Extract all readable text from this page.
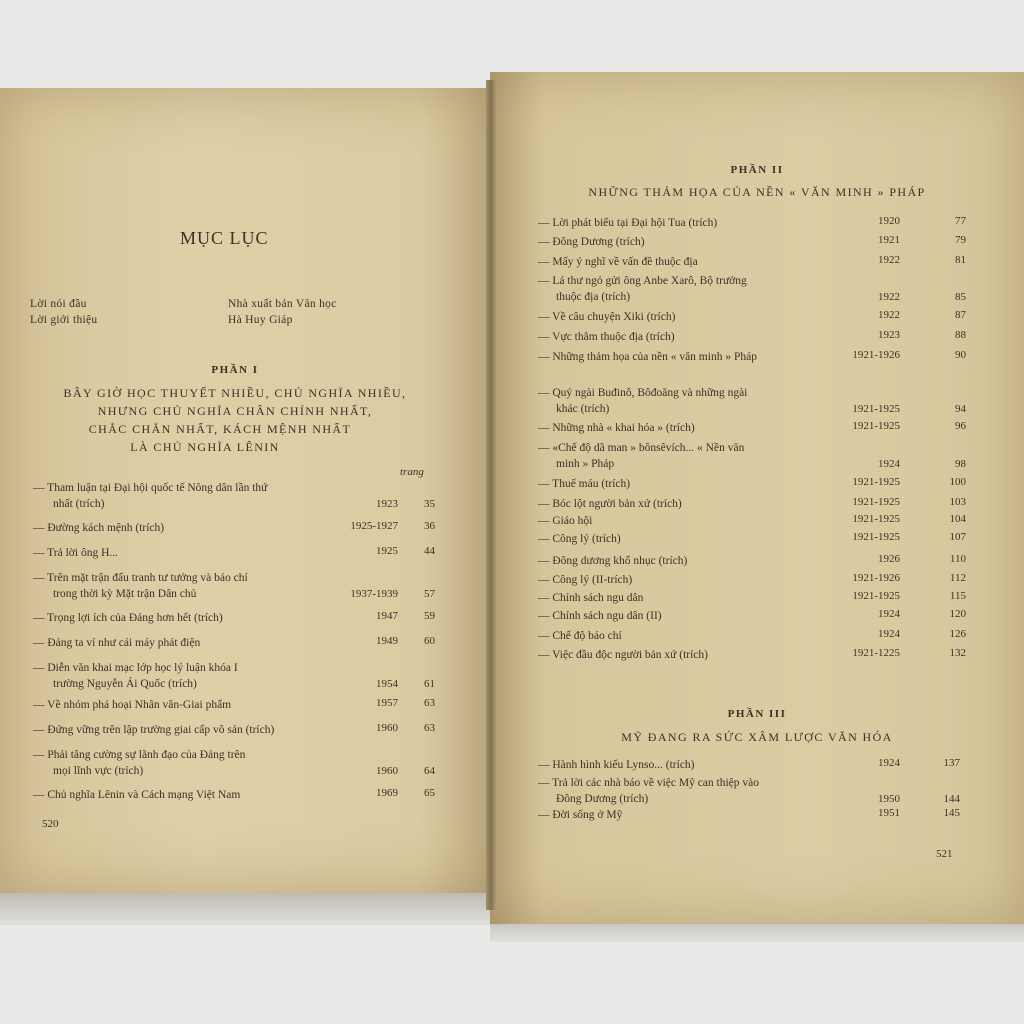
MỤC LỤC
Lời nói đầu	Nhà xuất bản Văn học
Lời giới thiệu	Hà Huy Giáp
PHẦN I
BÂY GIỜ HỌC THUYẾT NHIỀU, CHỦ NGHĨA NHIỀU,
NHƯNG CHỦ NGHĨA CHÂN CHÍNH NHẤT,
CHẮC CHẮN NHẤT, KÁCH MỆNH NHẤT
LÀ CHỦ NGHĨA LÊNIN
trang
— Tham luận tại Đại hội quốc tế Nông dân lần thứ
nhất (trích)	1923	35
— Đường kách mệnh (trích)	1925-1927	36
— Trả lời ông H...	1925	44
— Trên mặt trận đấu tranh tư tưởng và báo chí
trong thời kỳ Mặt trận Dân chủ	1937-1939	57
— Trọng lợi ích của Đảng hơn hết (trích)	1947	59
— Đảng ta ví như cái máy phát điện	1949	60
— Diễn văn khai mạc lớp học lý luận khóa I
trường Nguyễn Ái Quốc (trích)	1954	61
— Về nhóm phá hoại Nhân văn-Giai phẩm	1957	63
— Đứng vững trên lập trường giai cấp vô sản (trích)	1960	63
— Phải tăng cường sự lãnh đạo của Đảng trên
mọi lĩnh vực (trích)	1960	64
— Chủ nghĩa Lênin và Cách mạng Việt Nam	1969	65
520
PHẦN II
NHỮNG THẢM HỌA CỦA NỀN « VĂN MINH » PHÁP
— Lời phát biểu tại Đại hội Tua (trích)	1920	77
— Đông Dương (trích)	1921	79
— Mấy ý nghĩ về vấn đề thuộc địa	1922	81
— Lá thư ngỏ gửi ông Anbe Xarô, Bộ trưởng
thuộc địa (trích)	1922	85
— Về câu chuyện Xiki (trích)	1922	87
— Vực thẳm thuộc địa (trích)	1923	88
— Những thảm họa của nền « văn minh » Pháp	1921-1926	90
— Quý ngài Buđinô, Bôđoăng và những ngài
khác (trích)	1921-1925	94
— Những nhà « khai hóa » (trích)	1921-1925	96
— «Chế độ dã man » bônsêvích... « Nền văn
minh » Pháp	1924	98
— Thuế máu (trích)	1921-1925	100
— Bóc lột người bản xứ (trích)	1921-1925	103
— Giáo hội	1921-1925	104
— Công lý (trích)	1921-1925	107
— Đông dương khổ nhục (trích)	1926	110
— Công lý (II-trích)	1921-1926	112
— Chính sách ngu dân	1921-1925	115
— Chính sách ngu dân (II)	1924	120
— Chế độ báo chí	1924	126
— Việc đầu độc người bản xứ (trích)	1921-1225	132
PHẦN III
MỸ ĐANG RA SỨC XÂM LƯỢC VĂN HÓA
— Hành hình kiểu Lynso... (trích)	1924	137
— Trả lời các nhà báo về việc Mỹ can thiệp vào
Đông Dương (trích)	1950	144
— Đời sống ở Mỹ	1951	145
521
